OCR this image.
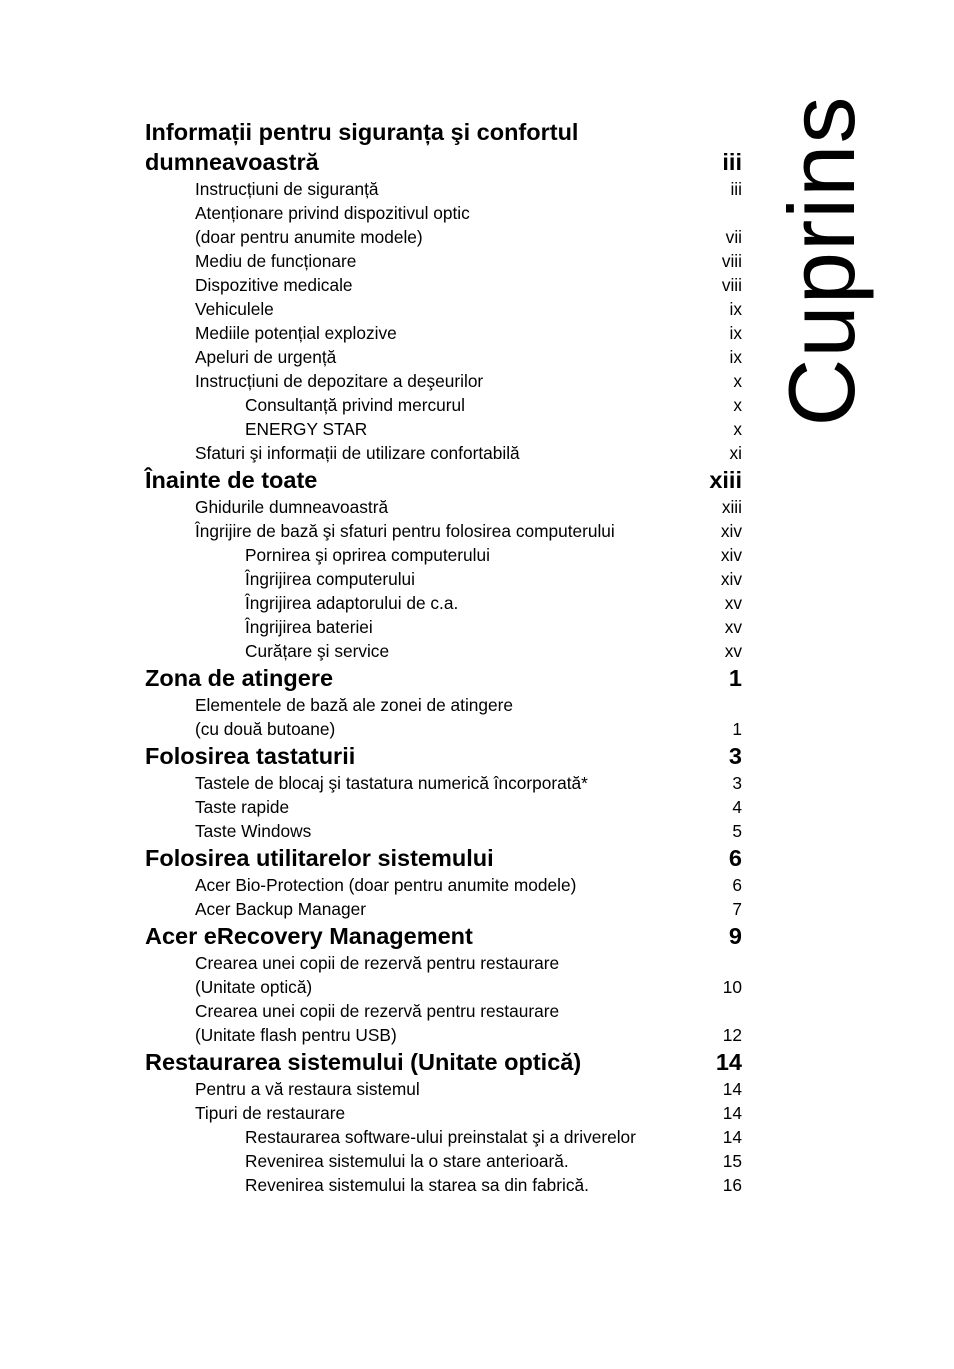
Informații pentru siguranța şi confortul
dumneavoastră	iii
Instrucțiuni de siguranță	iii
Atenționare privind dispozitivul optic
(doar pentru anumite modele)	vii
Mediu de funcționare	viii
Dispozitive medicale	viii
Vehiculele	ix
Mediile potențial explozive	ix
Apeluri de urgență	ix
Instrucțiuni de depozitare a deşeurilor	x
Consultanță privind mercurul	x
ENERGY STAR	x
Sfaturi şi informații de utilizare confortabilă	xi
Înainte de toate	xiii
Ghidurile dumneavoastră	xiii
Îngrijire de bază şi sfaturi pentru folosirea computerului	xiv
Pornirea şi oprirea computerului	xiv
Îngrijirea computerului	xiv
Îngrijirea adaptorului de c.a.	xv
Îngrijirea bateriei	xv
Curățare şi service	xv
Zona de atingere	1
Elementele de bază ale zonei de atingere
(cu două butoane)	1
Folosirea tastaturii	3
Tastele de blocaj şi tastatura numerică încorporată*	3
Taste rapide	4
Taste Windows	5
Folosirea utilitarelor sistemului	6
Acer Bio-Protection (doar pentru anumite modele)	6
Acer Backup Manager	7
Acer eRecovery Management	9
Crearea unei copii de rezervă pentru restaurare
(Unitate optică)	10
Crearea unei copii de rezervă pentru restaurare
(Unitate flash pentru USB)	12
Restaurarea sistemului (Unitate optică)	14
Pentru a vă restaura sistemul	14
Tipuri de restaurare	14
Restaurarea software-ului preinstalat şi a driverelor	14
Revenirea sistemului la o stare anterioară.	15
Revenirea sistemului la starea sa din fabrică.	16
Cuprins
